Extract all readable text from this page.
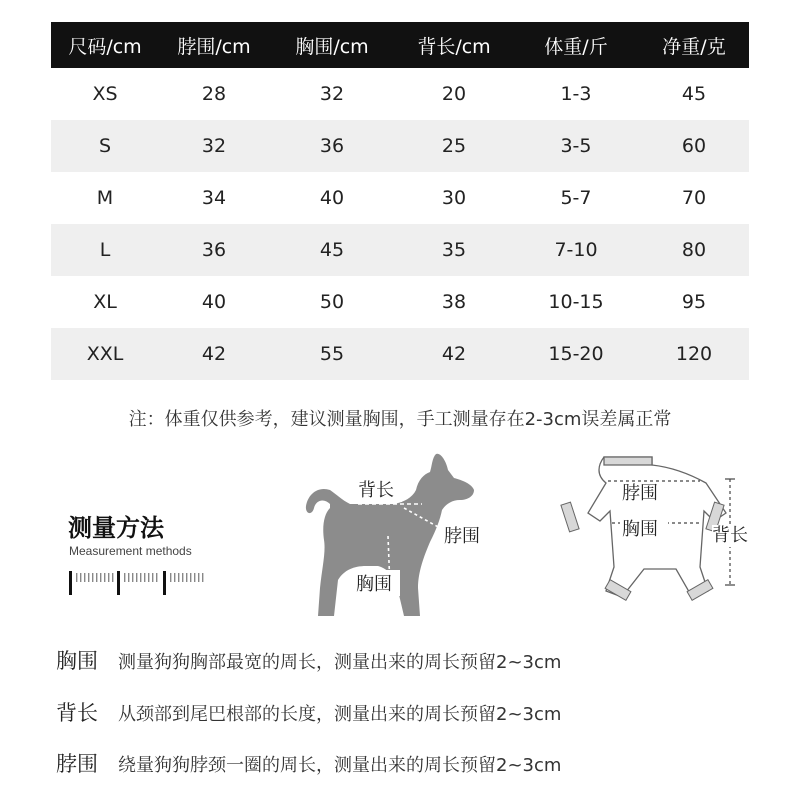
尺码/cm	脖围/cm	胸围/cm	背长/cm	体重/斤	净重/克
XS	28	32	20	1-3	45
S	32	36	25	3-5	60
M	34	40	30	5-7	70
L	36	45	35	7-10	80
XL	40	50	38	10-15	95
XXL	42	55	42	15-20	120
注：体重仅供参考，建议测量胸围，手工测量存在2-3cm误差属正常
测量方法
Measurement methods
背长
脖围
胸围
脖围
胸围	背长
胸围	测量狗狗胸部最宽的周长，测量出来的周长预留2~3cm
背长	从颈部到尾巴根部的长度，测量出来的周长预留2~3cm
脖围	绕量狗狗脖颈一圈的周长，测量出来的周长预留2~3cm
